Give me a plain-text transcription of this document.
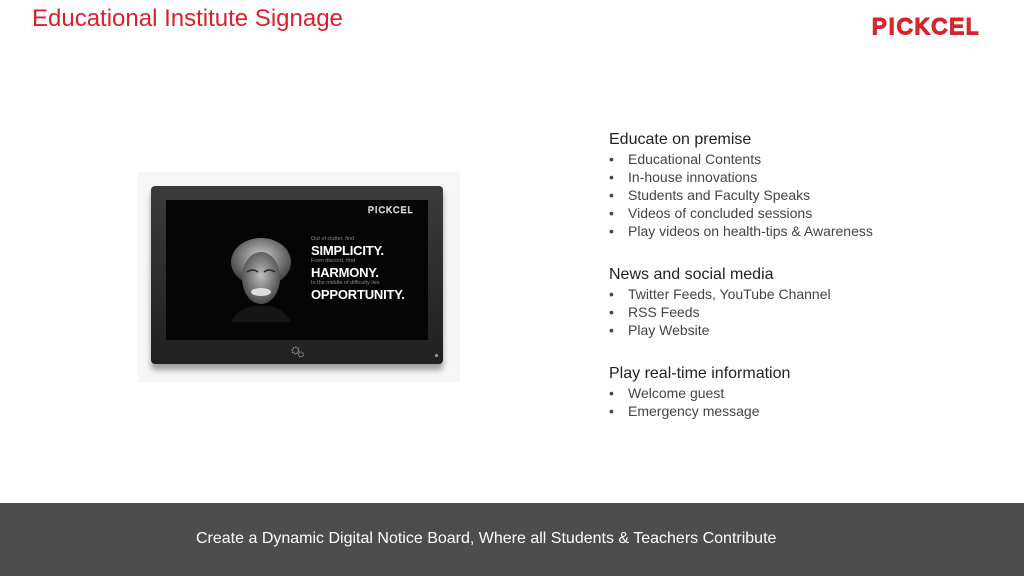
Educational Institute Signage	PICKCEL
PICKCEL
Out of clutter, find
SIMPLICITY.
From discord, find
HARMONY.
In the middle of difficulty lies
OPPORTUNITY.
Educate on premise
• Educational Contents
• In-house innovations
• Students and Faculty Speaks
• Videos of concluded sessions
• Play videos on health-tips & Awareness
News and social media
• Twitter Feeds, YouTube Channel
• RSS Feeds
• Play Website
Play real-time information
• Welcome guest
• Emergency message
Create a Dynamic Digital Notice Board, Where all Students & Teachers Contribute
